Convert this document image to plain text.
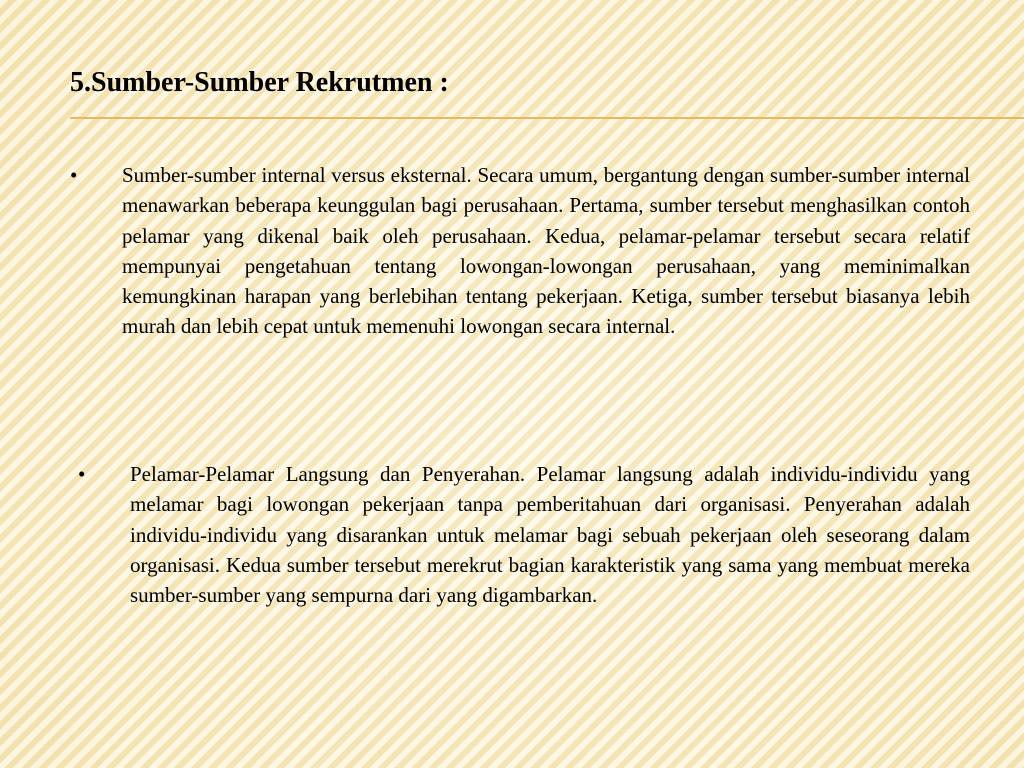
5.Sumber-Sumber Rekrutmen :
• Sumber-sumber internal versus eksternal. Secara umum, bergantung dengan sumber-sumber internal menawarkan beberapa keunggulan bagi perusahaan. Pertama, sumber tersebut menghasilkan contoh pelamar yang dikenal baik oleh perusahaan. Kedua, pelamar-pelamar tersebut secara relatif mempunyai pengetahuan tentang lowongan-lowongan perusahaan, yang meminimalkan kemungkinan harapan yang berlebihan tentang pekerjaan. Ketiga, sumber tersebut biasanya lebih murah dan lebih cepat untuk memenuhi lowongan secara internal.

• Pelamar-Pelamar Langsung dan Penyerahan. Pelamar langsung adalah individu-individu yang melamar bagi lowongan pekerjaan tanpa pemberitahuan dari organisasi. Penyerahan adalah individu-individu yang disarankan untuk melamar bagi sebuah pekerjaan oleh seseorang dalam organisasi. Kedua sumber tersebut merekrut bagian karakteristik yang sama yang membuat mereka sumber-sumber yang sempurna dari yang digambarkan.
